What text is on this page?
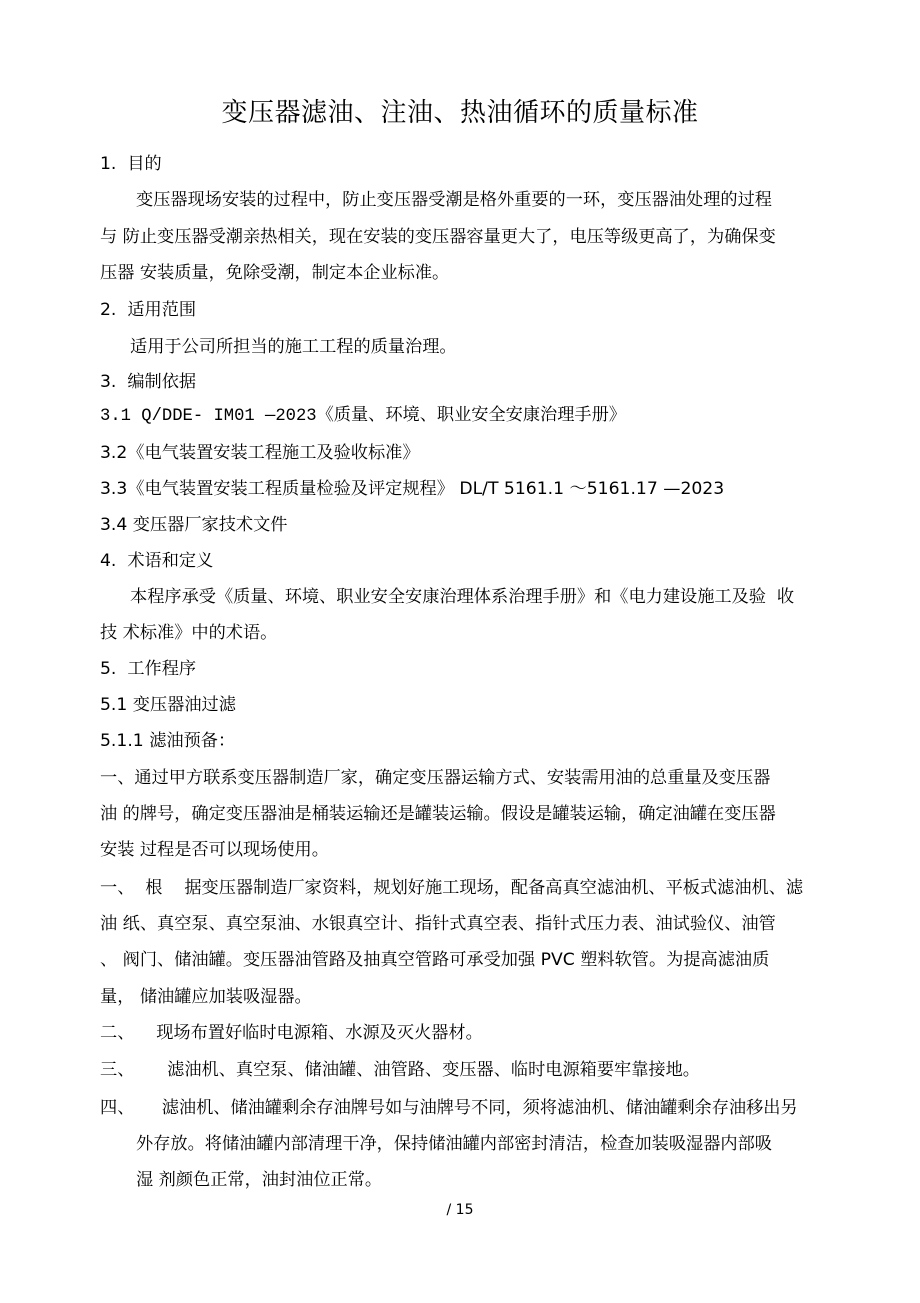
变压器滤油、注油、热油循环的质量标准
1.  目的
变压器现场安装的过程中，防止变压器受潮是格外重要的一环，变压器油处理的过程
与 防止变压器受潮亲热相关，现在安装的变压器容量更大了，电压等级更高了，为确保变
压器 安装质量，免除受潮，制定本企业标准。
2.  适用范围
适用于公司所担当的施工工程的质量治理。
3.  编制依据
3.1 Q/DDE- IM01 —2023《质量、环境、职业安全安康治理手册》
3.2《电气装置安装工程施工及验收标准》
3.3《电气装置安装工程质量检验及评定规程》 DL/T 5161.1 ～5161.17 —2023
3.4 变压器厂家技术文件
4.  术语和定义
本程序承受《质量、环境、职业安全安康治理体系治理手册》和《电力建设施工及验  收
技 术标准》中的术语。
5.  工作程序
5.1 变压器油过滤
5.1.1 滤油预备：
一、通过甲方联系变压器制造厂家，确定变压器运输方式、安装需用油的总重量及变压器
油 的牌号，确定变压器油是桶装运输还是罐装运输。假设是罐装运输，确定油罐在变压器
安装 过程是否可以现场使用。
一、  根    据变压器制造厂家资料，规划好施工现场，配备高真空滤油机、平板式滤油机、滤
油 纸、真空泵、真空泵油、水银真空计、指针式真空表、指针式压力表、油试验仪、油管
、 阀门、储油罐。变压器油管路及抽真空管路可承受加强 PVC 塑料软管。为提高滤油质
量， 储油罐应加装吸湿器。
二、    现场布置好临时电源箱、水源及灭火器材。
三、      滤油机、真空泵、储油罐、油管路、变压器、临时电源箱要牢靠接地。
四、     滤油机、储油罐剩余存油牌号如与油牌号不同，须将滤油机、储油罐剩余存油移出另
外存放。将储油罐内部清理干净，保持储油罐内部密封清洁，检查加装吸湿器内部吸
湿 剂颜色正常，油封油位正常。
/ 15
